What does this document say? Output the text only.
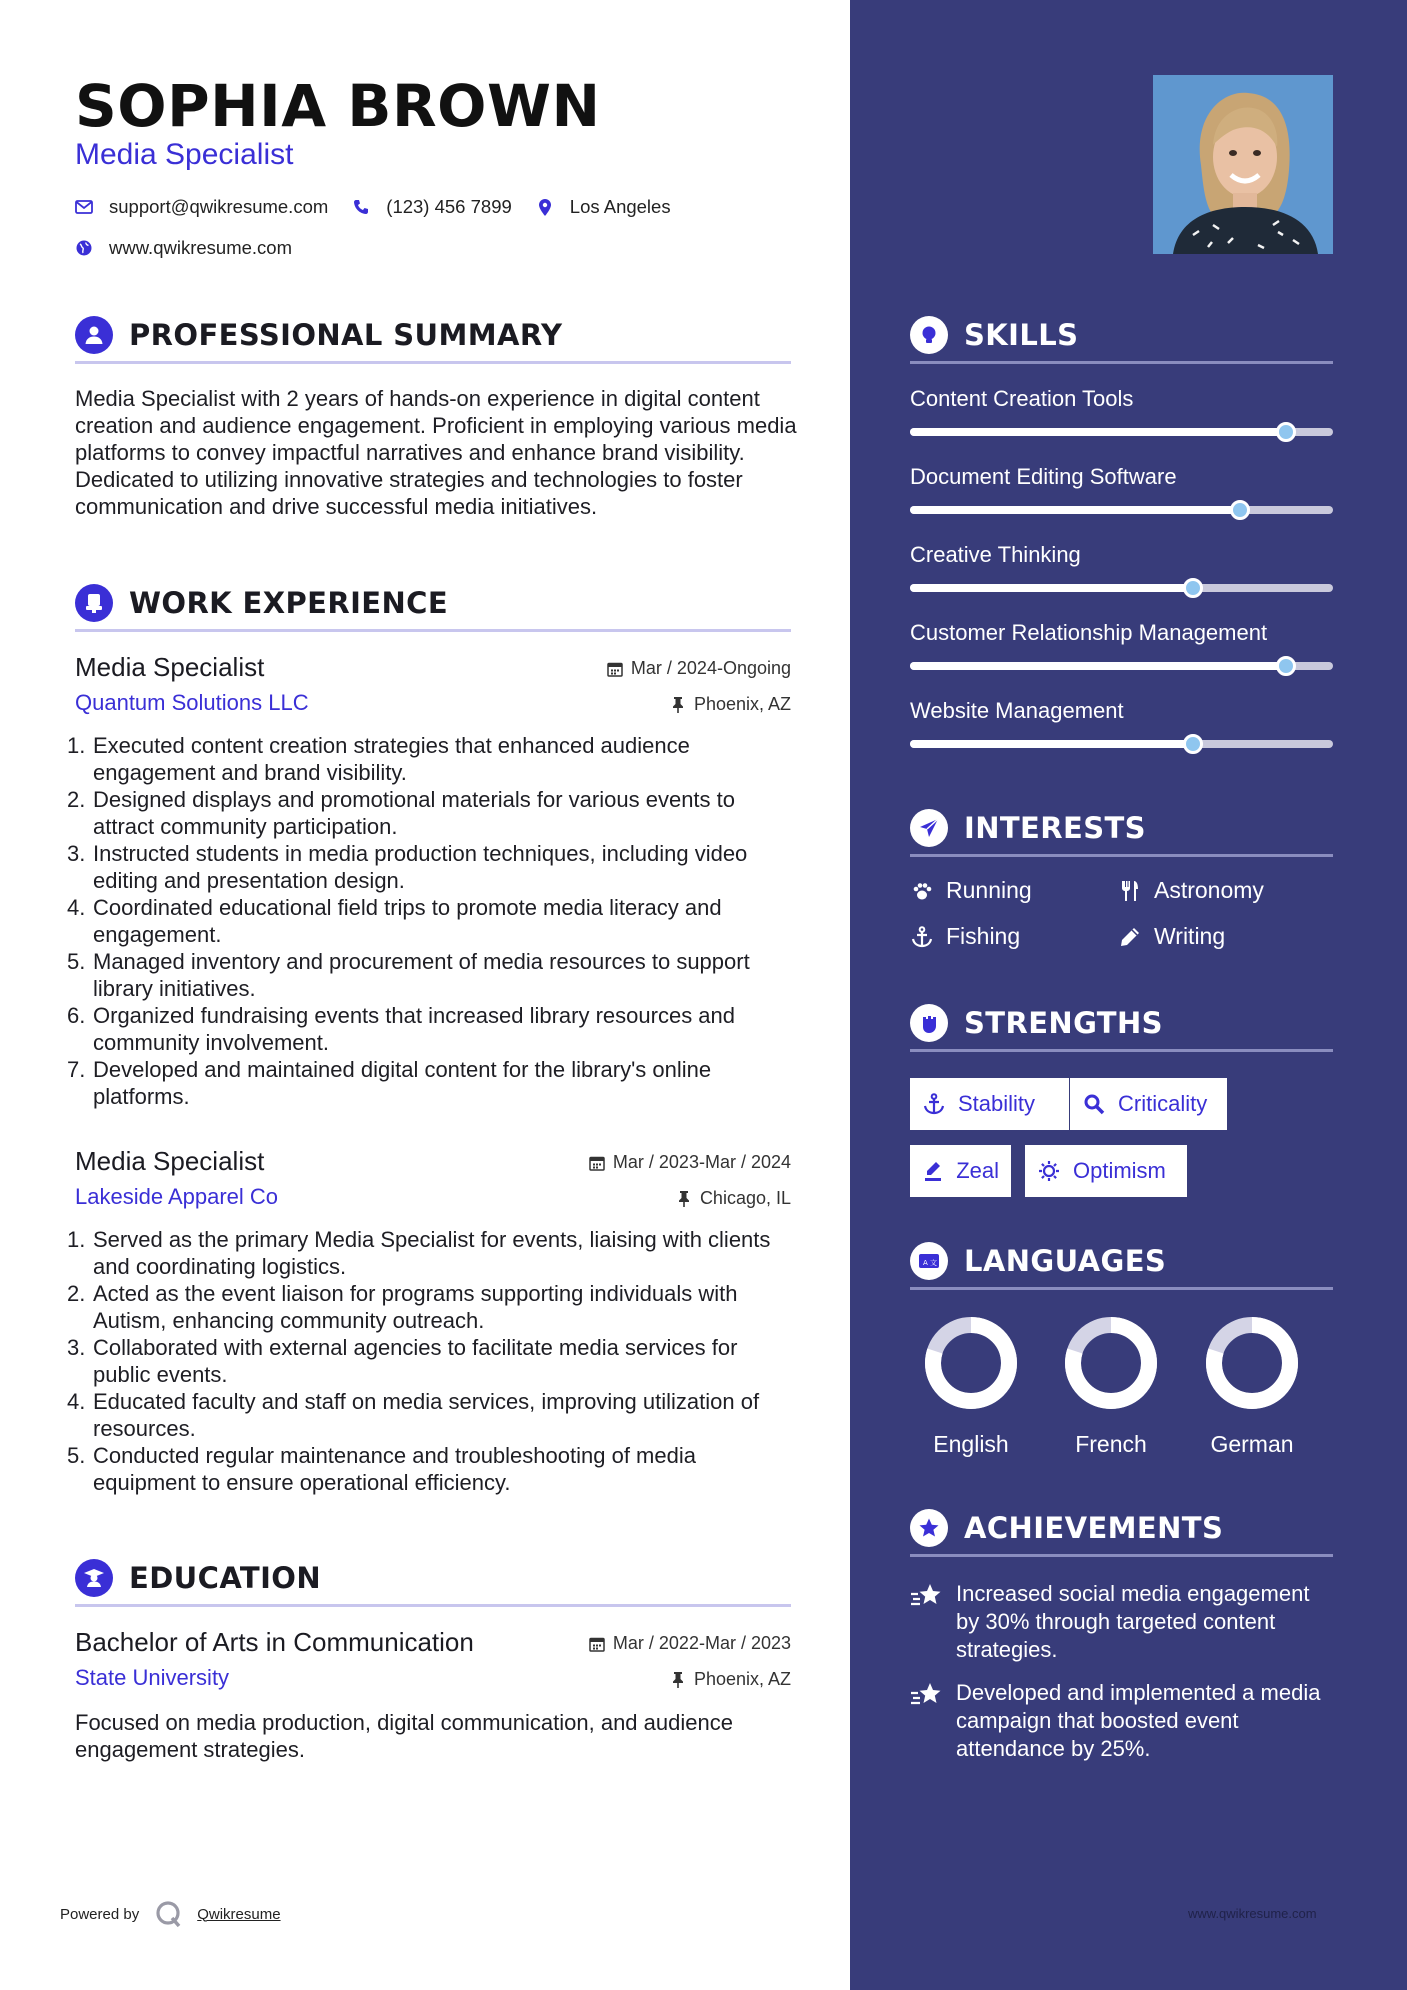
SOPHIA BROWN
Media Specialist
support@qwikresume.com	(123) 456 7899	Los Angeles
www.qwikresume.com
PROFESSIONAL SUMMARY
Media Specialist with 2 years of hands-on experience in digital content creation and audience engagement. Proficient in employing various media platforms to convey impactful narratives and enhance brand visibility. Dedicated to utilizing innovative strategies and technologies to foster communication and drive successful media initiatives.
WORK EXPERIENCE
Media Specialist	Mar / 2024-Ongoing
Quantum Solutions LLC	Phoenix, AZ
1. Executed content creation strategies that enhanced audience engagement and brand visibility.
2. Designed displays and promotional materials for various events to attract community participation.
3. Instructed students in media production techniques, including video editing and presentation design.
4. Coordinated educational field trips to promote media literacy and engagement.
5. Managed inventory and procurement of media resources to support library initiatives.
6. Organized fundraising events that increased library resources and community involvement.
7. Developed and maintained digital content for the library's online platforms.
Media Specialist	Mar / 2023-Mar / 2024
Lakeside Apparel Co	Chicago, IL
1. Served as the primary Media Specialist for events, liaising with clients and coordinating logistics.
2. Acted as the event liaison for programs supporting individuals with Autism, enhancing community outreach.
3. Collaborated with external agencies to facilitate media services for public events.
4. Educated faculty and staff on media services, improving utilization of resources.
5. Conducted regular maintenance and troubleshooting of media equipment to ensure operational efficiency.
EDUCATION
Bachelor of Arts in Communication	Mar / 2022-Mar / 2023
State University	Phoenix, AZ
Focused on media production, digital communication, and audience engagement strategies.
Powered by	Qwikresume
SKILLS
Content Creation Tools
Document Editing Software
Creative Thinking
Customer Relationship Management
Website Management
INTERESTS
Running	Astronomy
Fishing	Writing
STRENGTHS
Stability	Criticality
Zeal	Optimism
A 文 LANGUAGES
English	French	German
ACHIEVEMENTS
Increased social media engagement by 30% through targeted content strategies.
Developed and implemented a media campaign that boosted event attendance by 25%.
www.qwikresume.com
